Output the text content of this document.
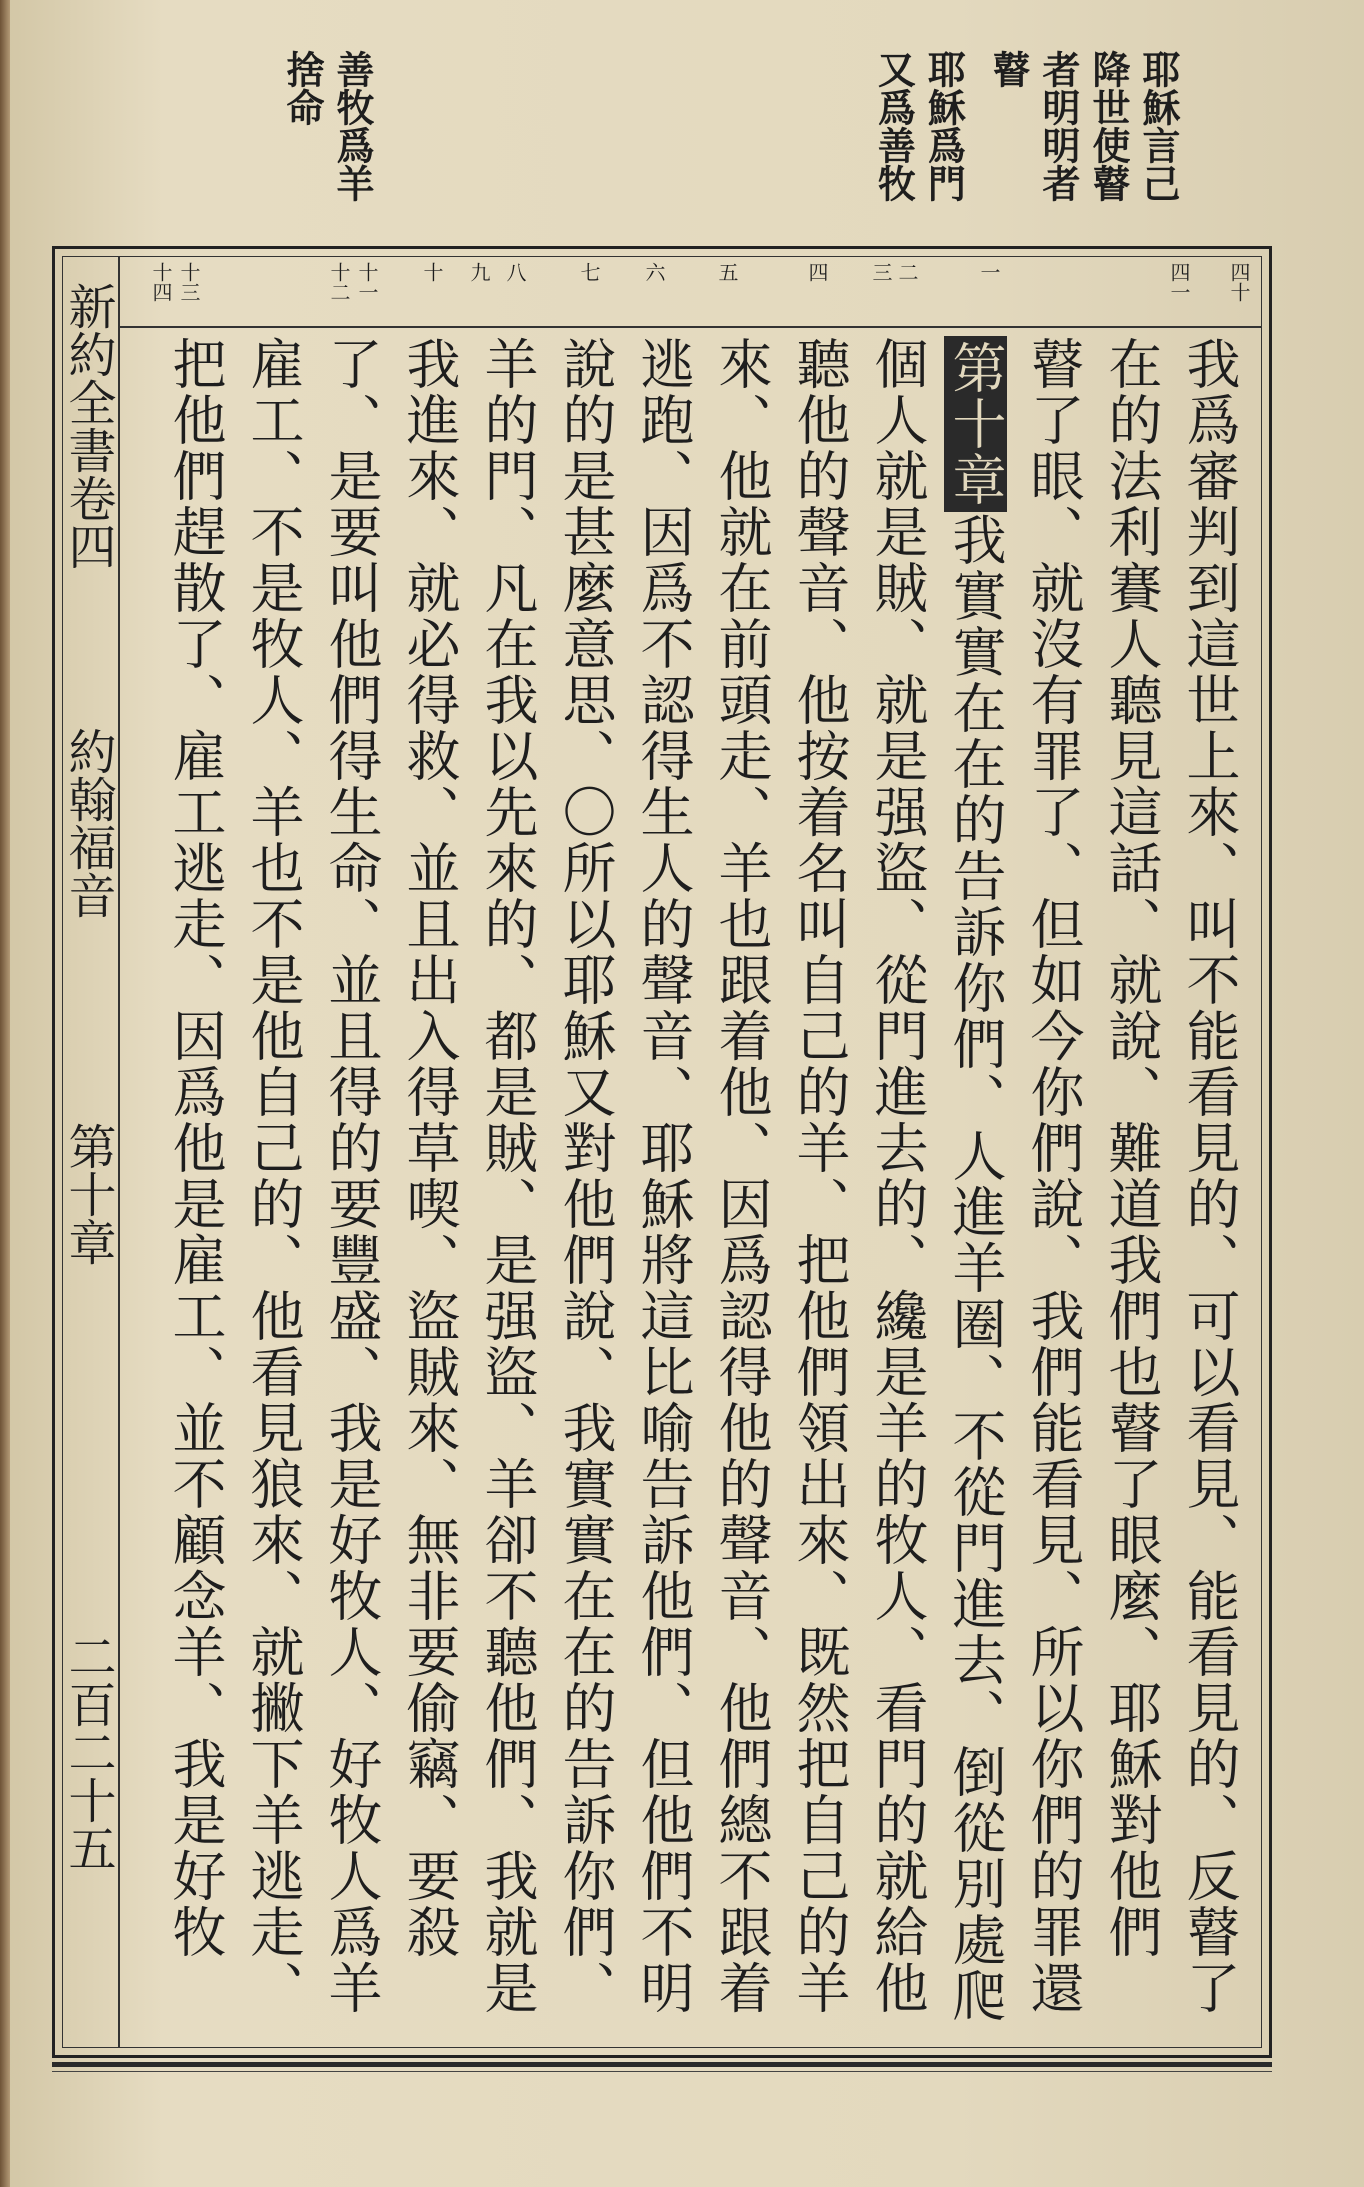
耶穌言己
降世使瞽
者明明者
瞽
耶穌爲門
又爲善牧
善牧爲羊
捨命
新約全書卷四
約翰福音
第十章
二百二十五
四十
四一
一
二
三
四
五
六
七
八
九
十
十一
十二
十三
十四
我爲審判到這世上來、叫不能看見的、可以看見、能看見的、反瞽了
在的法利賽人聽見這話、就說、難道我們也瞽了眼麼、耶穌對他們
瞽了眼、就沒有罪了、但如今你們說、我們能看見、所以你們的罪還
第十章我實實在在的告訴你們、人進羊圈、不從門進去、倒從別處爬
個人就是賊、就是强盜、從門進去的、纔是羊的牧人、看門的就給他
聽他的聲音、他按着名叫自己的羊、把他們領出來、既然把自己的羊
來、他就在前頭走、羊也跟着他、因爲認得他的聲音、他們總不跟着
逃跑、因爲不認得生人的聲音、耶穌將這比喻告訴他們、但他們不明
說的是甚麼意思、〇所以耶穌又對他們說、我實實在在的告訴你們、
羊的門、凡在我以先來的、都是賊、是强盜、羊卻不聽他們、我就是
我進來、就必得救、並且出入得草喫、盜賊來、無非要偷竊、要殺
了、是要叫他們得生命、並且得的要豐盛、我是好牧人、好牧人爲羊
雇工、不是牧人、羊也不是他自己的、他看見狼來、就撇下羊逃走、
把他們趕散了、雇工逃走、因爲他是雇工、並不顧念羊、我是好牧
